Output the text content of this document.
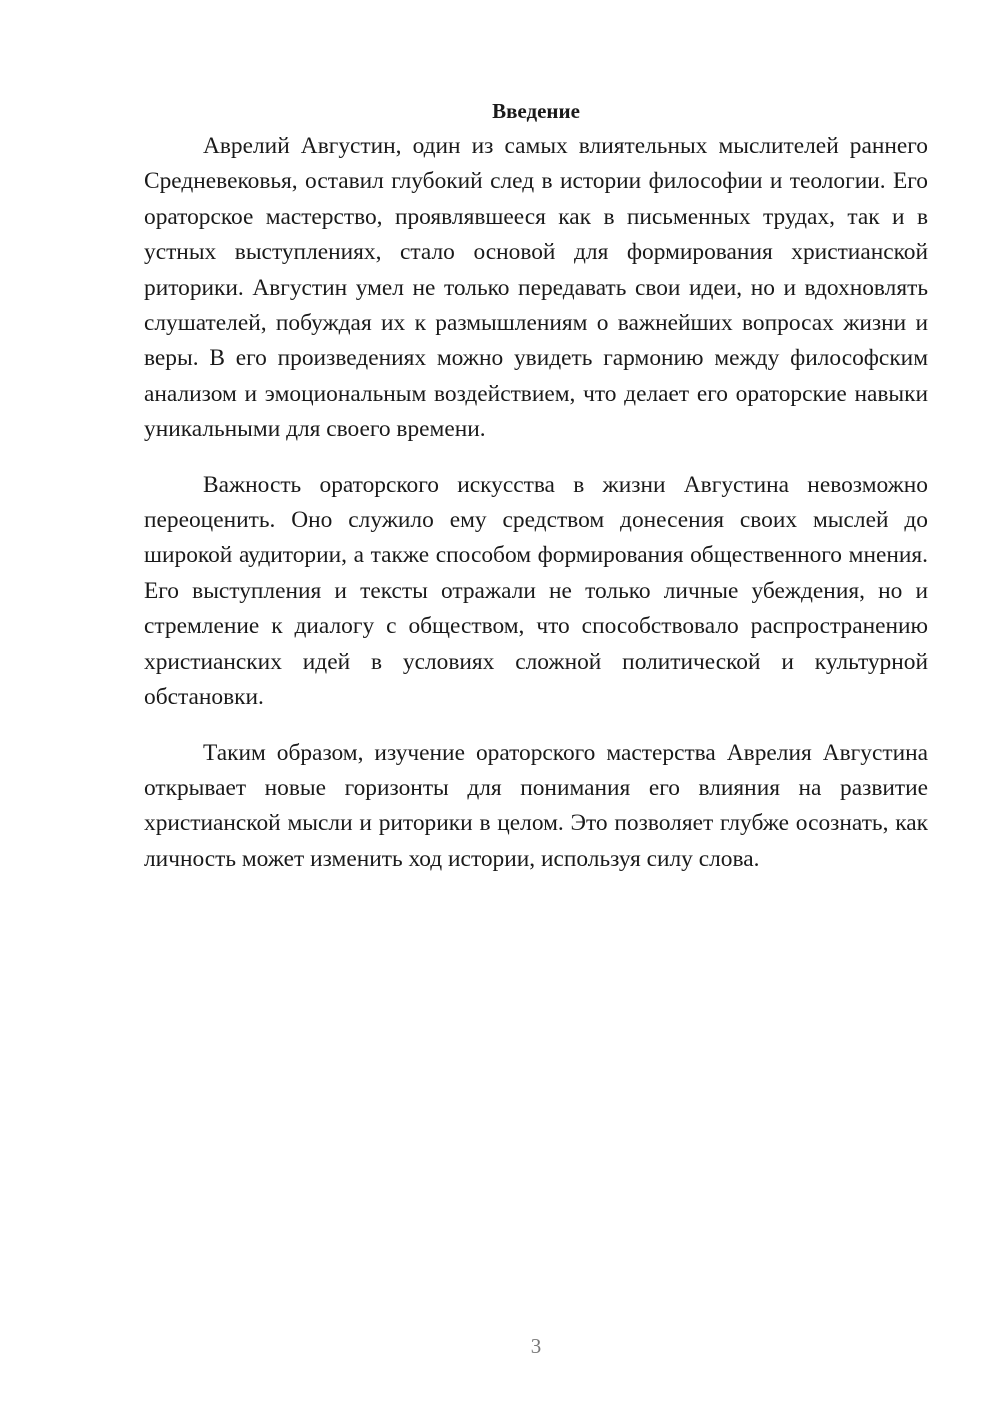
Введение

Аврелий Августин, один из самых влиятельных мыслителей раннего Средневековья, оставил глубокий след в истории философии и теологии. Его ораторское мастерство, проявлявшееся как в письменных трудах, так и в устных выступлениях, стало основой для формирования христианской риторики. Августин умел не только передавать свои идеи, но и вдохновлять слушателей, побуждая их к размышлениям о важнейших вопросах жизни и веры. В его произведениях можно увидеть гармонию между философским анализом и эмоциональным воздействием, что делает его ораторские навыки уникальными для своего времени.

Важность ораторского искусства в жизни Августина невозможно переоценить. Оно служило ему средством донесения своих мыслей до широкой аудитории, а также способом формирования общественного мнения. Его выступления и тексты отражали не только личные убеждения, но и стремление к диалогу с обществом, что способствовало распространению христианских идей в условиях сложной политической и культурной обстановки.

Таким образом, изучение ораторского мастерства Аврелия Августина открывает новые горизонты для понимания его влияния на развитие христианской мысли и риторики в целом. Это позволяет глубже осознать, как личность может изменить ход истории, используя силу слова.

3
